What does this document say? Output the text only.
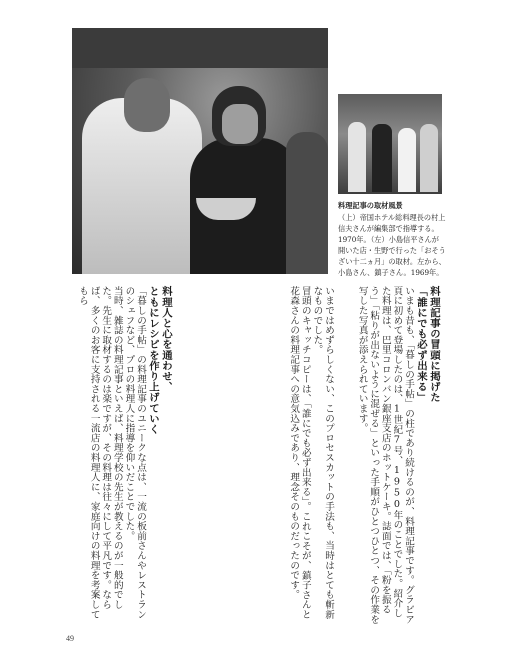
料理記事の取材風景
（上）帝国ホテル総料理長の村上信夫さんが編集部で指導する。1970年。（左）小島信平さんが開いた店・生野で行った「おそうざい十二ヵ月」の取材。左から、小島さん、鎮子さん。1969年。
料理記事の冒頭に掲げた
「誰にでも必ず出来る」
いまも昔も、「暮しの手帖」の柱であり続けるのが、料理記事です。グラビア頁に初めて登場したのは、1世紀7号、1950年のことでした。紹介した料理は、巴里コロンバン銀座支店のホットケーキ。誌面では、「粉を振るう」「粘りが出ないように混ぜる」といった手順がひとつひとつ、その作業を写した写真が添えられています。
いまではめずらしくない、このプロセスカットの手法も、当時はとても斬新なものでした。
冒頭のキャッチコピーは、「誰にでも必ず出来る」。これこそが、鎮子さんと花森さんの料理記事への意気込みであり、理念そのものだったのです。
料理人と心を通わせ、
ともにレシピを作り上げていく
「暮しの手帖」の料理記事のユニークな点は、一流の板前さんやレストランのシェフなど、プロの料理人に指導を仰いだことでした。
当時、雑誌の料理記事といえば、料理学校の先生が教えるのが一般的でした。先生に取材するのは楽ですが、その料理は往々にして平凡です。ならば、多くのお客に支持される一流店の料理人に、家庭向けの料理を考案してもら
49
